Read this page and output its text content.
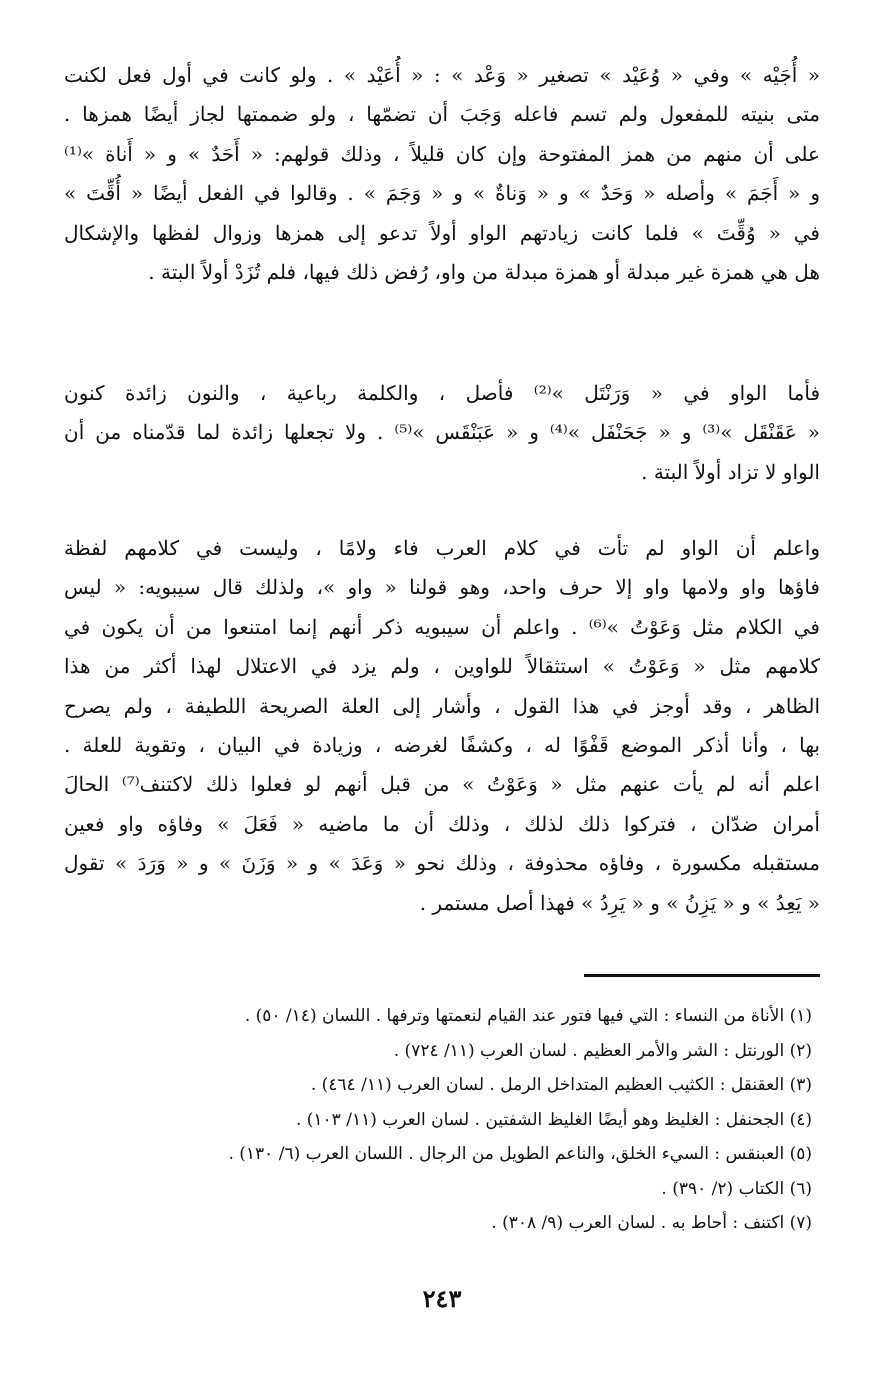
« أُجَيْه » وفي « وُعَيْد » تصغير « وَعْد » : « أُعَيْد » . ولو كانت في أول فعل لكنت
متى بنيته للمفعول ولم تسم فاعله وَجَبَ أن تضمّها ، ولو ضممتها لجاز أيضًا همزها .
على أن منهم من همز المفتوحة وإن كان قليلاً ، وذلك قولهم: « أَحَدٌ » و « أَناة »⁽¹⁾
و « أَجَمَ » وأصله « وَحَدٌ » و « وَناةٌ » و « وَجَمَ » . وقالوا في الفعل أيضًا « أُقِّتَ »
في « وُقِّتَ » فلما كانت زيادتهم الواو أولاً تدعو إلى همزها وزوال لفظها والإشكال
هل هي همزة غير مبدلة أو همزة مبدلة من واو، رُفض ذلك فيها، فلم تُزَدْ أولاً البتة .
فأما الواو في « وَرَنْتَل »⁽²⁾ فأصل ، والكلمة رباعية ، والنون زائدة كنون
« عَقَنْقَل »⁽³⁾ و « جَحَنْفَل »⁽⁴⁾ و « عَبَنْقَس »⁽⁵⁾ . ولا تجعلها زائدة لما قدّمناه من أن
الواو لا تزاد أولاً البتة .
واعلم أن الواو لم تأت في كلام العرب فاء ولامًا ، وليست في كلامهم لفظة
فاؤها واو ولامها واو إلا حرف واحد، وهو قولنا « واو »، ولذلك قال سيبويه: « ليس
في الكلام مثل وَعَوْتُ »⁽⁶⁾ . واعلم أن سيبويه ذكر أنهم إنما امتنعوا من أن يكون في
كلامهم مثل « وَعَوْتُ » استثقالاً للواوين ، ولم يزد في الاعتلال لهذا أكثر من هذا
الظاهر ، وقد أوجز في هذا القول ، وأشار إلى العلة الصريحة اللطيفة ، ولم يصرح
بها ، وأنا أذكر الموضع قَفْوًا له ، وكشفًا لغرضه ، وزيادة في البيان ، وتقوية للعلة .
اعلم أنه لم يأت عنهم مثل « وَعَوْتُ » من قبل أنهم لو فعلوا ذلك لاكتنف⁽⁷⁾ الحالَ
أمران ضدّان ، فتركوا ذلك لذلك ، وذلك أن ما ماضيه « فَعَلَ » وفاؤه واو فعين
مستقبله مكسورة ، وفاؤه محذوفة ، وذلك نحو « وَعَدَ » و « وَزَنَ » و « وَرَدَ » تقول
« يَعِدُ » و « يَزِنُ » و « يَرِدُ » فهذا أصل مستمر .
(١) الأناة من النساء : التي فيها فتور عند القيام لنعمتها وترفها . اللسان (١٤/ ٥٠) .
(٢) الورنتل : الشر والأمر العظيم . لسان العرب (١١/ ٧٢٤) .
(٣) العقنقل : الكثيب العظيم المتداخل الرمل . لسان العرب (١١/ ٤٦٤) .
(٤) الجحنفل : الغليظ وهو أيضًا الغليظ الشفتين . لسان العرب (١١/ ١٠٣) .
(٥) العبنقس : السيء الخلق، والناعم الطويل من الرجال . اللسان العرب (٦/ ١٣٠) .
(٦) الكتاب (٢/ ٣٩٠) .
(٧) اكتنف : أحاط به . لسان العرب (٩/ ٣٠٨) .
٢٤٣
